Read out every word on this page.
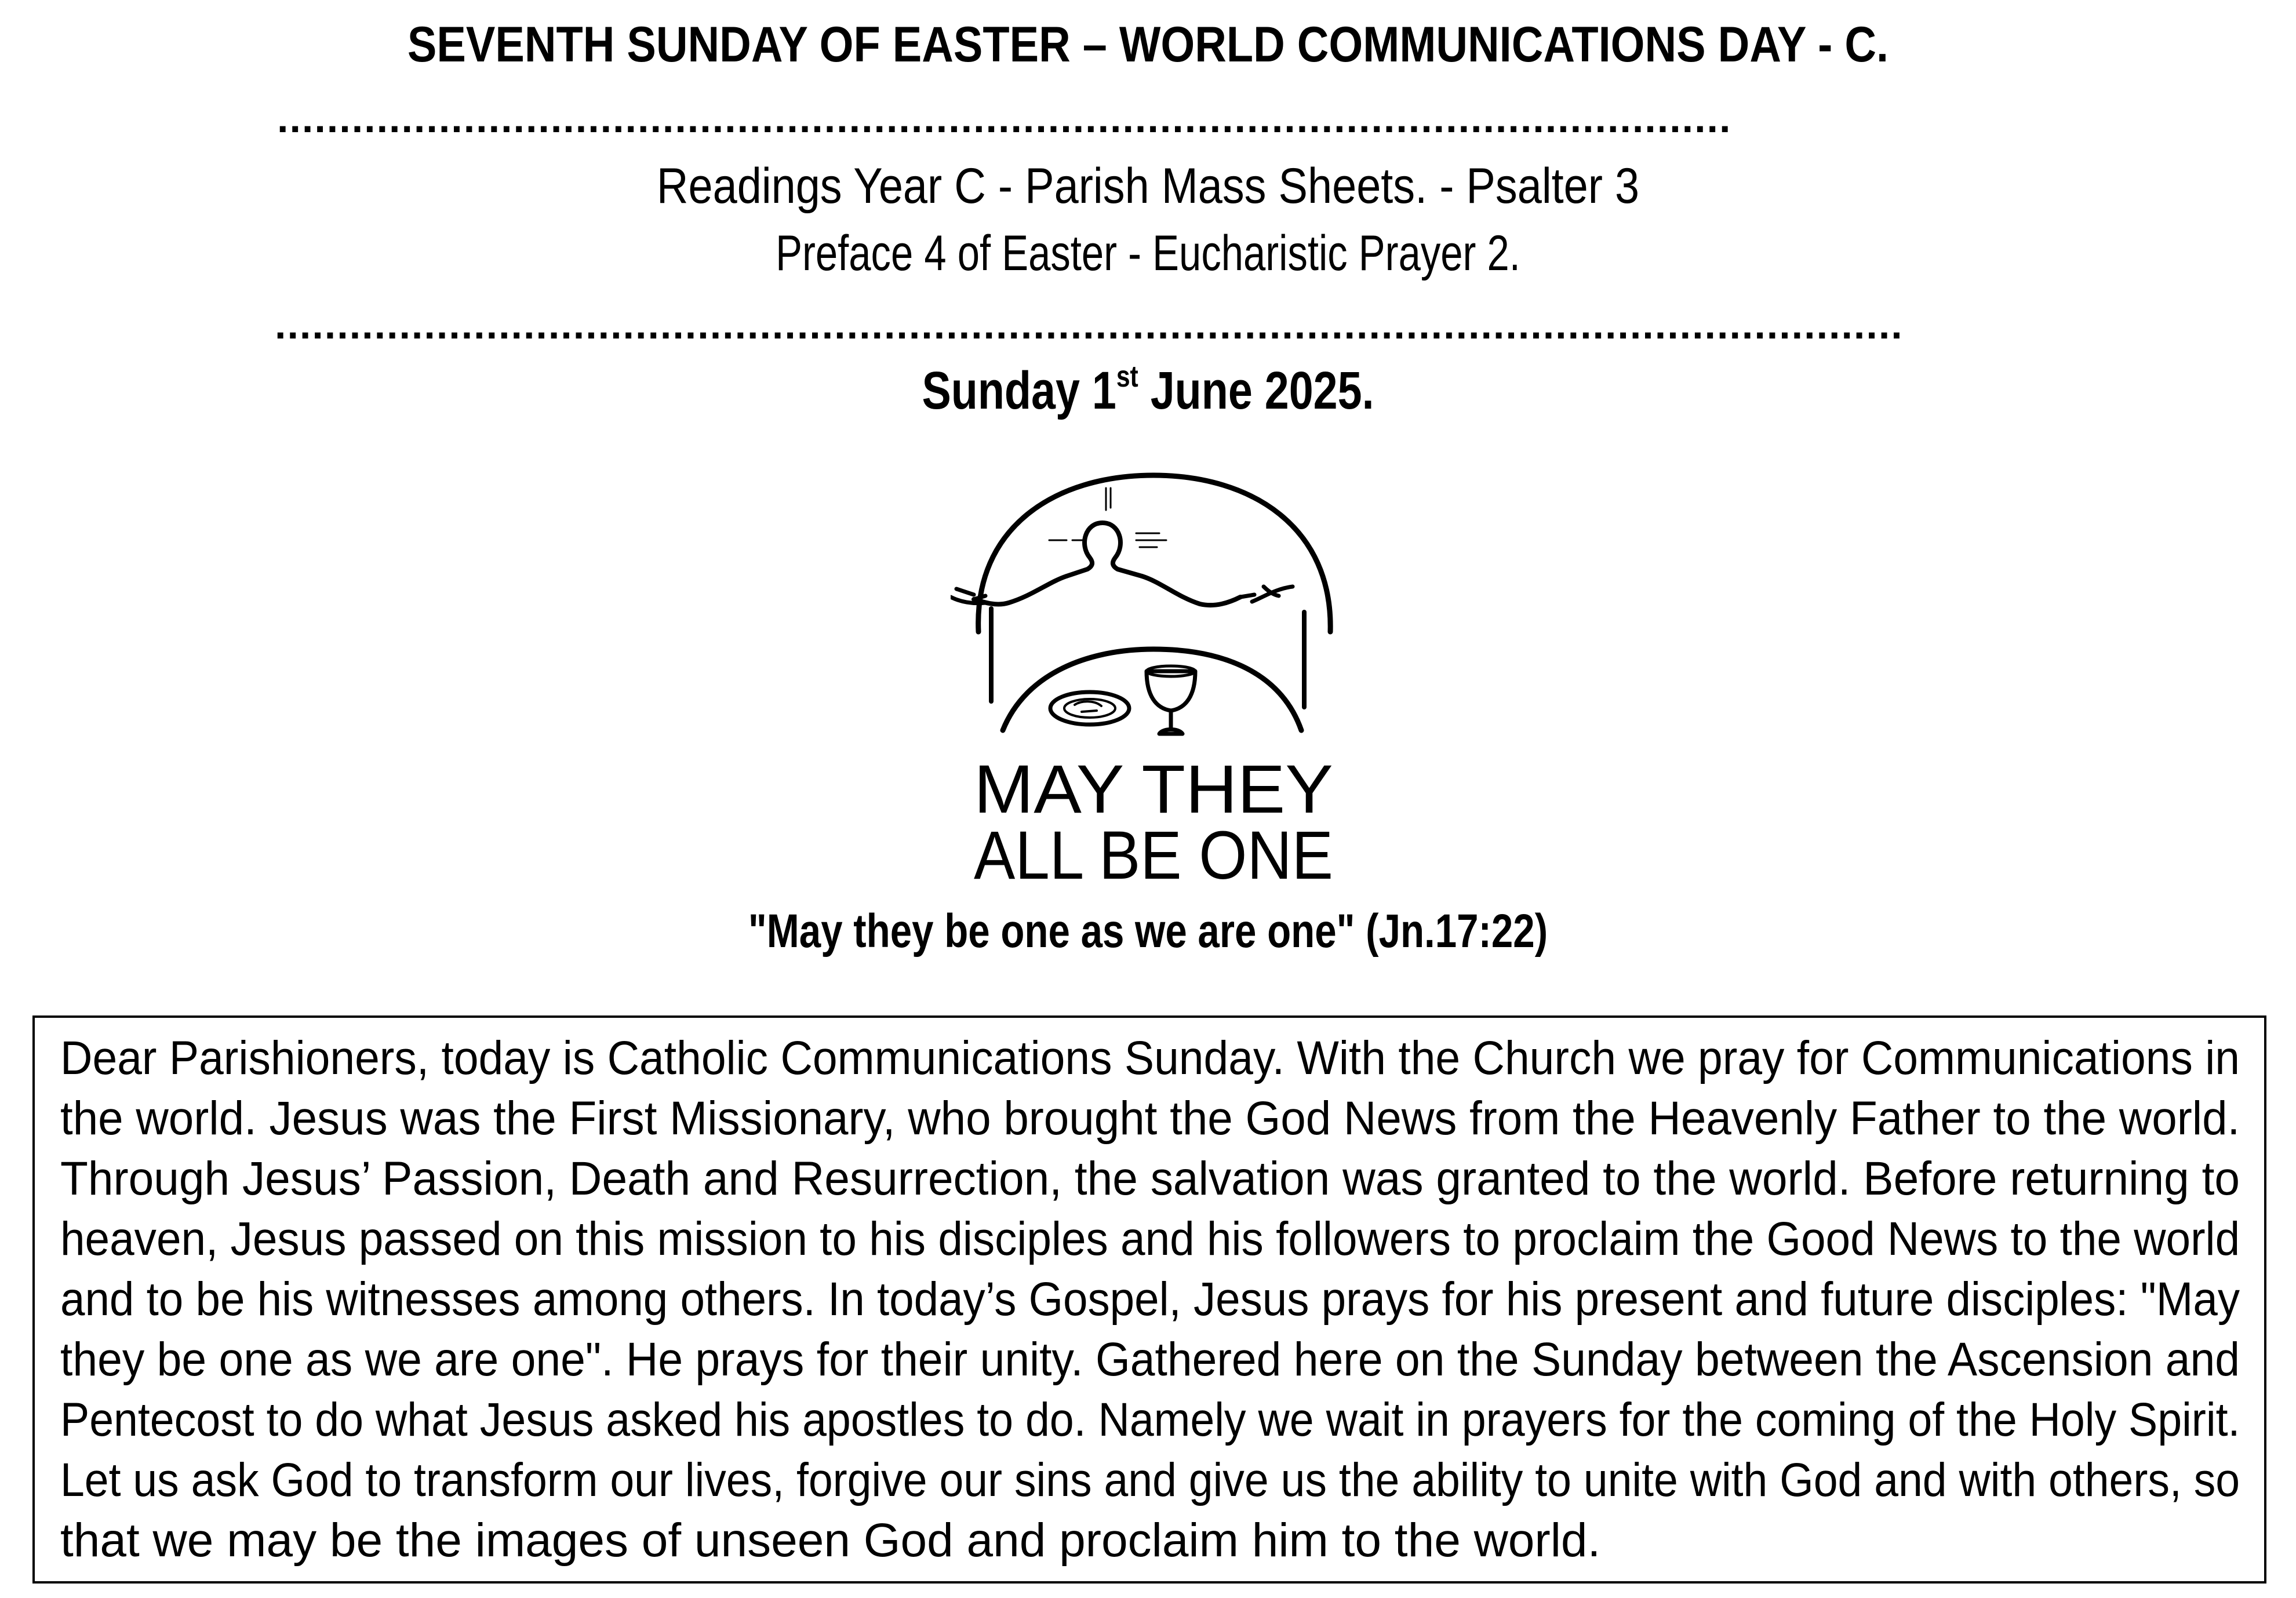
SEVENTH SUNDAY OF EASTER – WORLD COMMUNICATIONS DAY - C.
.....................................................................................................................
Readings Year C - Parish Mass Sheets. - Psalter 3
Preface 4 of Easter - Eucharistic Prayer 2.
...................................................................................................................................
Sunday 1st June 2025.
MAY THEY
ALL BE ONE
"May they be one as we are one" (Jn.17:22)
Dear Parishioners, today is Catholic Communications Sunday. With the Church we pray for Communications in
the world. Jesus was the First Missionary, who brought the God News from the Heavenly Father to the world.
Through Jesus’ Passion, Death and Resurrection, the salvation was granted to the world. Before returning to
heaven, Jesus passed on this mission to his disciples and his followers to proclaim the Good News to the world
and to be his witnesses among others. In today’s Gospel, Jesus prays for his present and future disciples: "May
they be one as we are one". He prays for their unity. Gathered here on the Sunday between the Ascension and
Pentecost to do what Jesus asked his apostles to do. Namely we wait in prayers for the coming of the Holy Spirit.
Let us ask God to transform our lives, forgive our sins and give us the ability to unite with God and with others, so
that we may be the images of unseen God and proclaim him to the world.
